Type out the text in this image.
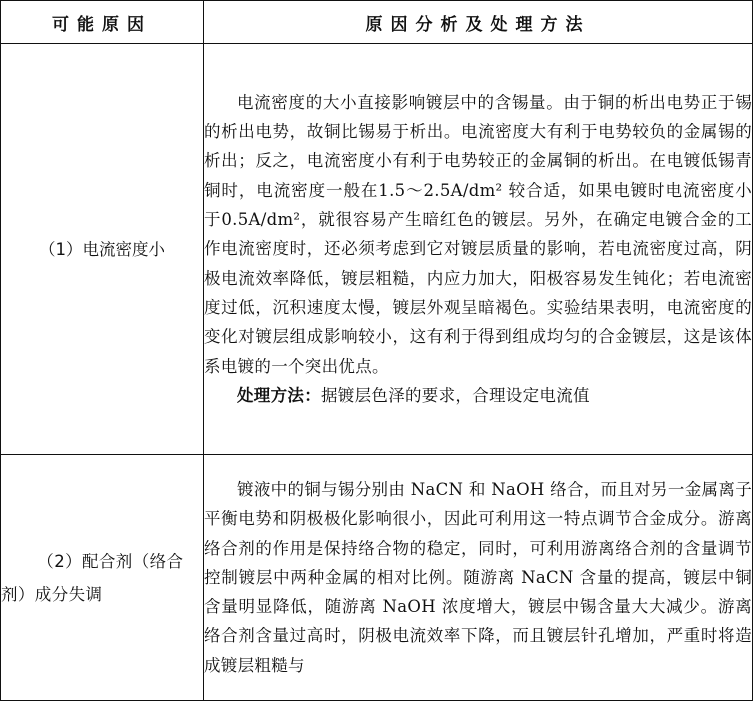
可能原因	原因分析及处理方法

（1）电流密度小	电流密度的大小直接影响镀层中的含锡量。由于铜的析出电势正于锡的析出电势，故铜比锡易于析出。电流密度大有利于电势较负的金属锡的析出；反之，电流密度小有利于电势较正的金属铜的析出。在电镀低锡青铜时，电流密度一般在1.5～2.5A/dm² 较合适，如果电镀时电流密度小于0.5A/dm²，就很容易产生暗红色的镀层。另外，在确定电镀合金的工作电流密度时，还必须考虑到它对镀层质量的影响，若电流密度过高，阴极电流效率降低，镀层粗糙，内应力加大，阳极容易发生钝化；若电流密度过低，沉积速度太慢，镀层外观呈暗褐色。实验结果表明，电流密度的变化对镀层组成影响较小，这有利于得到组成均匀的合金镀层，这是该体系电镀的一个突出优点。

处理方法：据镀层色泽的要求，合理设定电流值

（2）配合剂（络合剂）成分失调	镀液中的铜与锡分别由 NaCN 和 NaOH 络合，而且对另一金属离子平衡电势和阴极极化影响很小，因此可利用这一特点调节合金成分。游离络合剂的作用是保持络合物的稳定，同时，可利用游离络合剂的含量调节控制镀层中两种金属的相对比例。随游离 NaCN 含量的提高，镀层中铜含量明显降低，随游离 NaOH 浓度增大，镀层中锡含量大大减少。游离络合剂含量过高时，阴极电流效率下降，而且镀层针孔增加，严重时将造成镀层粗糙与
